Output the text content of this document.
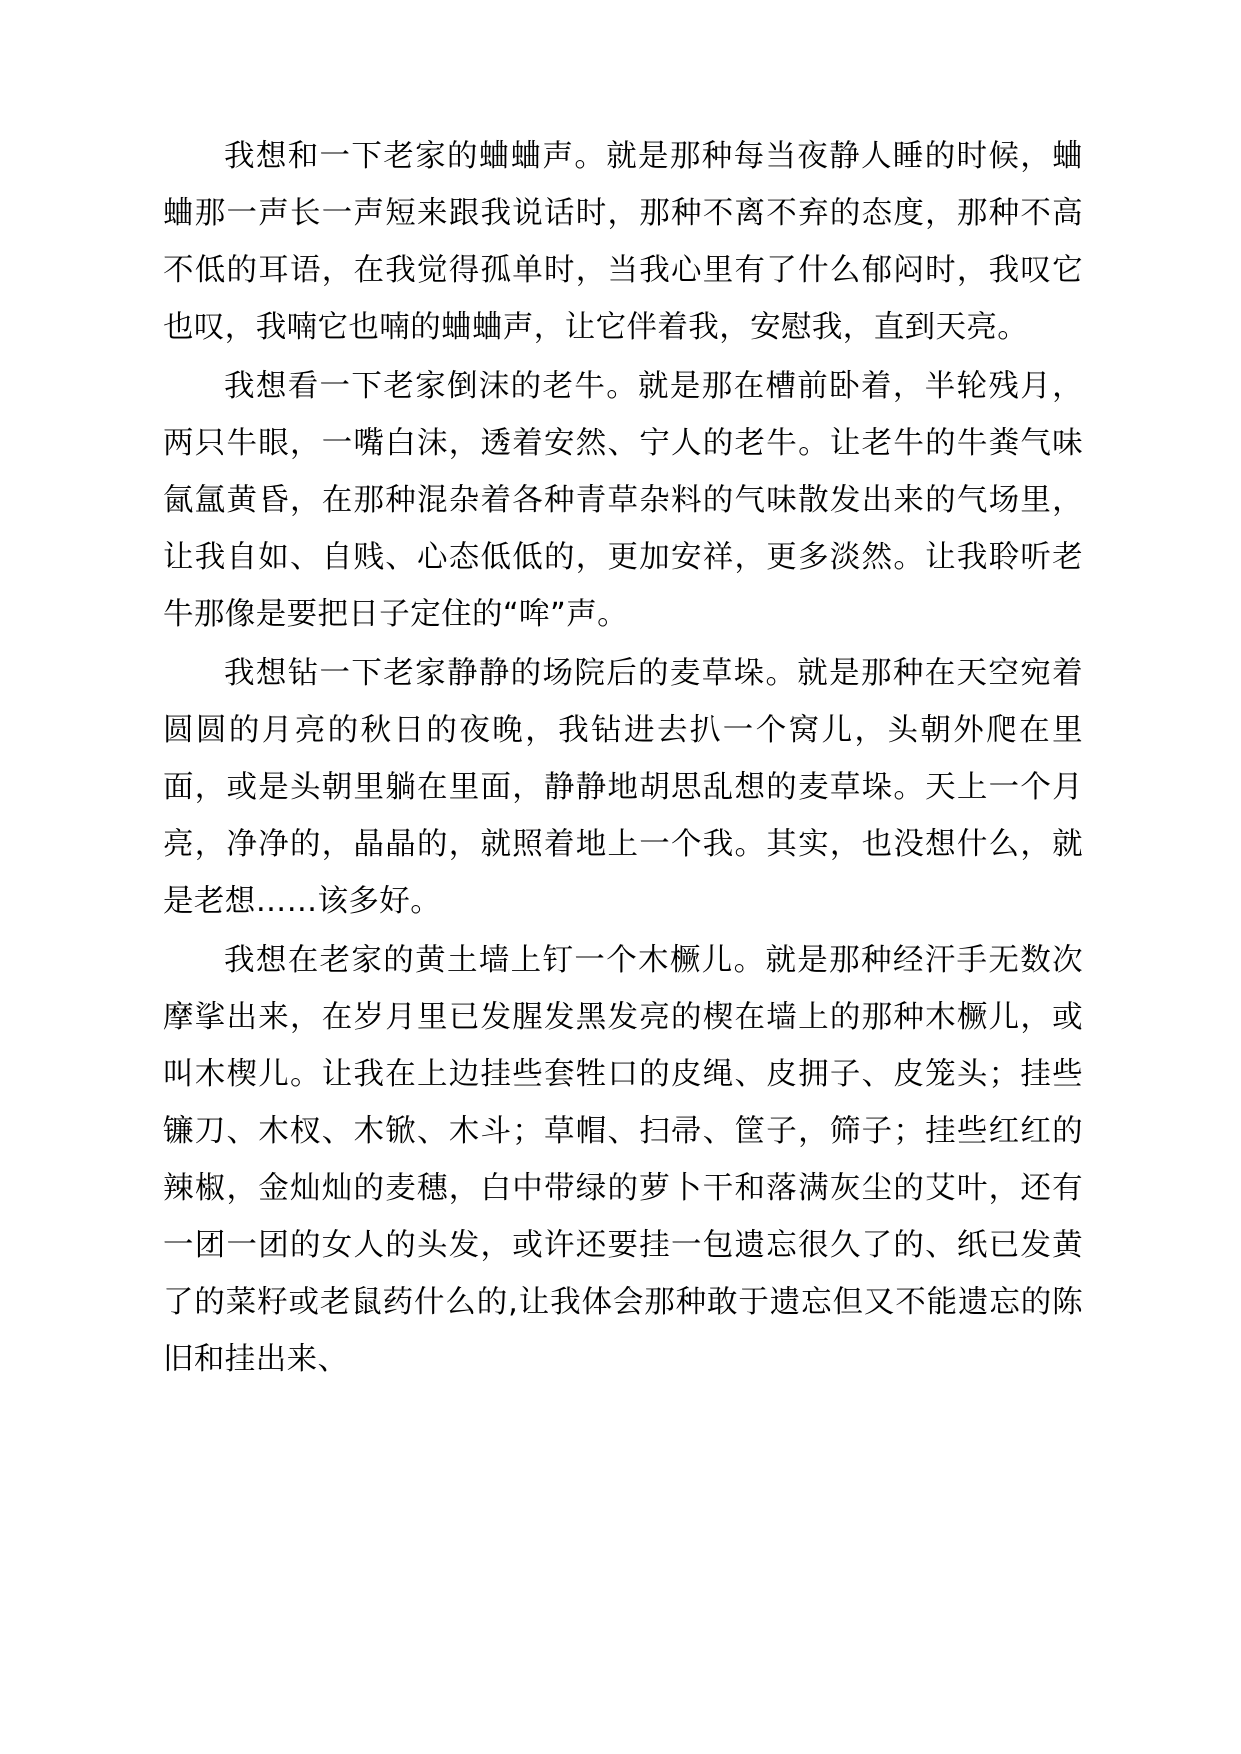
我想和一下老家的蛐蛐声。就是那种每当夜静人睡的时候，蛐蛐那一声长一声短来跟我说话时，那种不离不弃的态度，那种不高不低的耳语，在我觉得孤单时，当我心里有了什么郁闷时，我叹它也叹，我喃它也喃的蛐蛐声，让它伴着我，安慰我，直到天亮。

我想看一下老家倒沫的老牛。就是那在槽前卧着，半轮残月，两只牛眼，一嘴白沫，透着安然、宁人的老牛。让老牛的牛粪气味氤氲黄昏，在那种混杂着各种青草杂料的气味散发出来的气场里，让我自如、自贱、心态低低的，更加安祥，更多淡然。让我聆听老牛那像是要把日子定住的“哞”声。

我想钻一下老家静静的场院后的麦草垛。就是那种在天空宛着圆圆的月亮的秋日的夜晚，我钻进去扒一个窝儿，头朝外爬在里面，或是头朝里躺在里面，静静地胡思乱想的麦草垛。天上一个月亮，净净的，晶晶的，就照着地上一个我。其实，也没想什么，就是老想……该多好。

我想在老家的黄土墙上钉一个木橛儿。就是那种经汗手无数次摩挲出来，在岁月里已发腥发黑发亮的楔在墙上的那种木橛儿，或叫木楔儿。让我在上边挂些套牲口的皮绳、皮拥子、皮笼头；挂些镰刀、木杈、木锨、木斗；草帽、扫帚、筐子，筛子；挂些红红的辣椒，金灿灿的麦穗，白中带绿的萝卜干和落满灰尘的艾叶，还有一团一团的女人的头发，或许还要挂一包遗忘很久了的、纸已发黄了的菜籽或老鼠药什么的,让我体会那种敢于遗忘但又不能遗忘的陈旧和挂出来、
